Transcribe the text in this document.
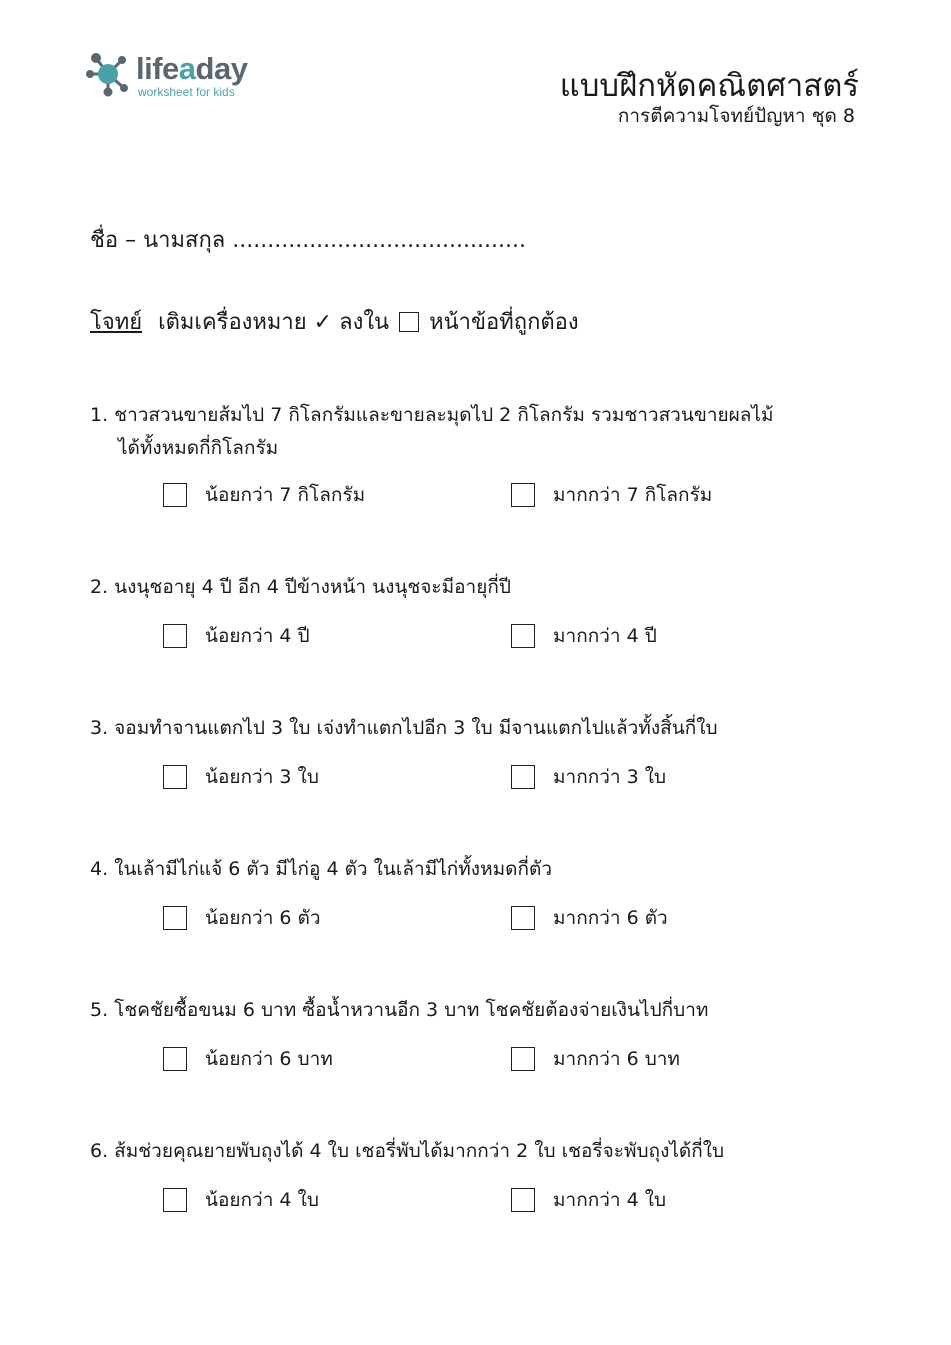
lifeaday
worksheet for kids	แบบฝึกหัดคณิตศาสตร์
การตีความโจทย์ปัญหา ชุด 8
ชื่อ – นามสกุล ..........................................
โจทย์ เติมเครื่องหมาย ✓ ลงใน หน้าข้อที่ถูกต้อง
1. ชาวสวนขายส้มไป 7 กิโลกรัมและขายละมุดไป 2 กิโลกรัม รวมชาวสวนขายผลไม้
ได้ทั้งหมดกี่กิโลกรัม
น้อยกว่า 7 กิโลกรัม	มากกว่า 7 กิโลกรัม
2. นงนุชอายุ 4 ปี อีก 4 ปีข้างหน้า นงนุชจะมีอายุกี่ปี
น้อยกว่า 4 ปี	มากกว่า 4 ปี
3. จอมทำจานแตกไป 3 ใบ เจ่งทำแตกไปอีก 3 ใบ มีจานแตกไปแล้วทั้งสิ้นกี่ใบ
น้อยกว่า 3 ใบ	มากกว่า 3 ใบ
4. ในเล้ามีไก่แจ้ 6 ตัว มีไก่อู 4 ตัว ในเล้ามีไก่ทั้งหมดกี่ตัว
น้อยกว่า 6 ตัว	มากกว่า 6 ตัว
5. โชคชัยซื้อขนม 6 บาท ซื้อน้ำหวานอีก 3 บาท โชคชัยต้องจ่ายเงินไปกี่บาท
น้อยกว่า 6 บาท	มากกว่า 6 บาท
6. ส้มช่วยคุณยายพับถุงได้ 4 ใบ เชอรี่พับได้มากกว่า 2 ใบ เชอรี่จะพับถุงได้กี่ใบ
น้อยกว่า 4 ใบ	มากกว่า 4 ใบ
